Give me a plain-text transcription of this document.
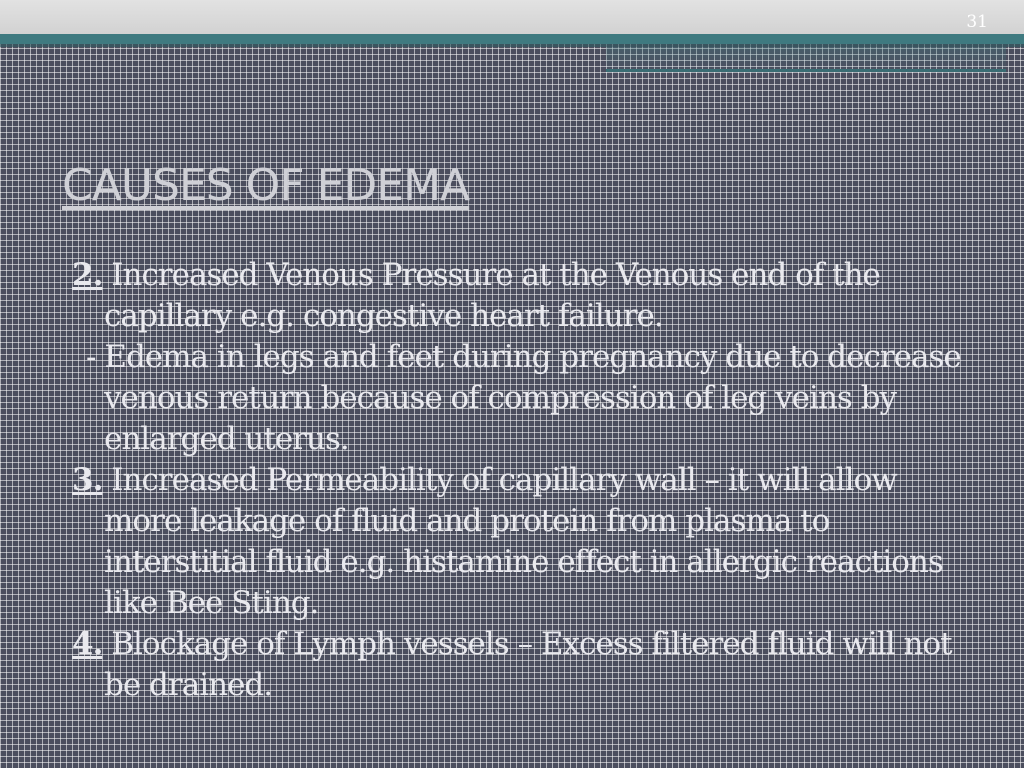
31
CAUSES OF EDEMA

2. Increased Venous Pressure at the Venous end of the capillary e.g. congestive heart failure.

- Edema in legs and feet during pregnancy due to decrease venous return because of compression of leg veins by enlarged uterus.

3. Increased Permeability of capillary wall – it will allow more leakage of fluid and protein from plasma to interstitial fluid e.g. histamine effect in allergic reactions like Bee Sting.

4. Blockage of Lymph vessels – Excess filtered fluid will not be drained.
